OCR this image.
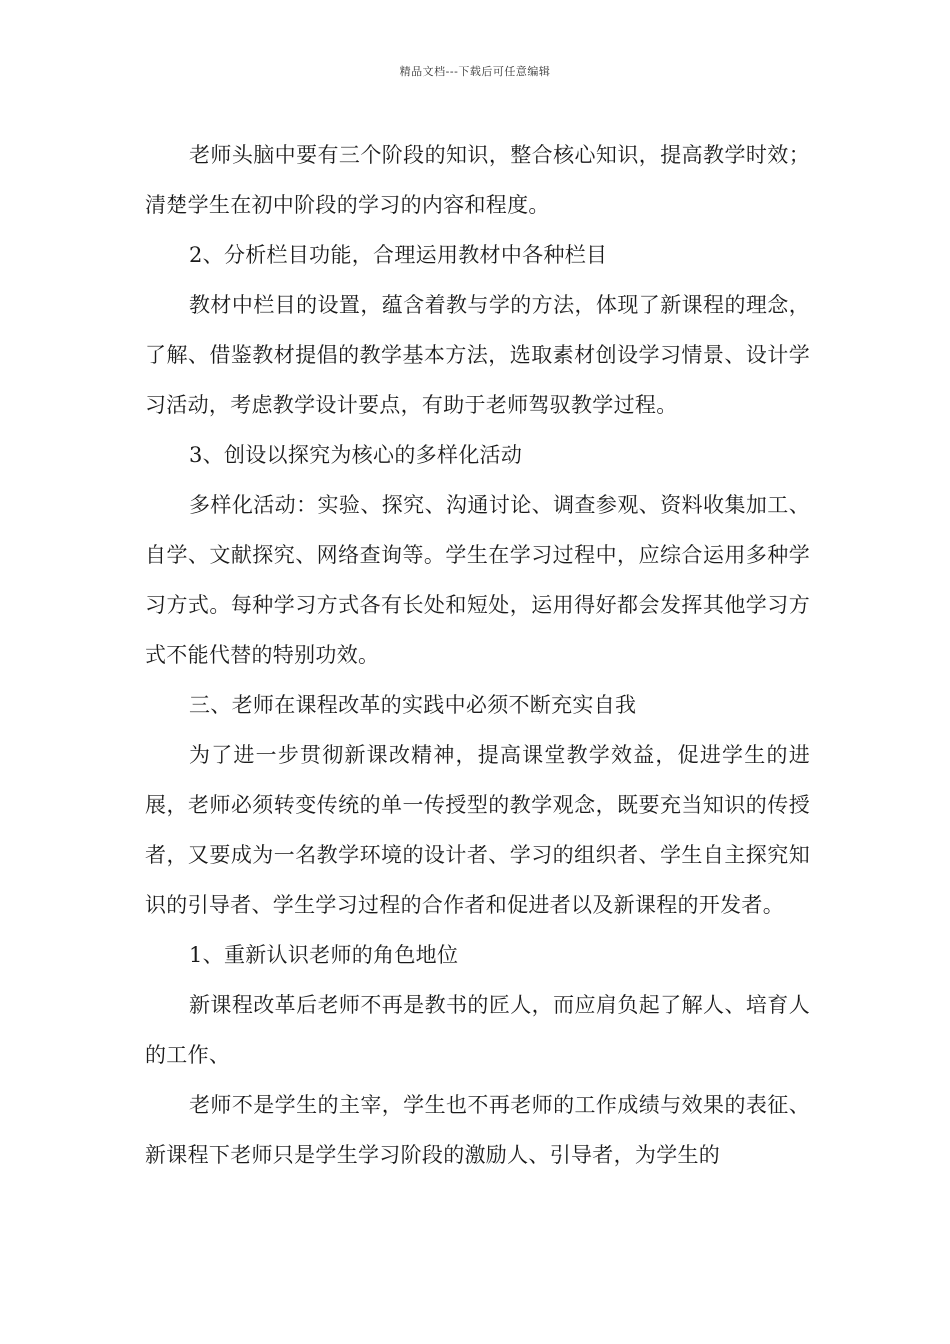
精品文档---下载后可任意编辑

老师头脑中要有三个阶段的知识，整合核心知识，提高教学时效；清楚学生在初中阶段的学习的内容和程度。

2、分析栏目功能，合理运用教材中各种栏目

教材中栏目的设置，蕴含着教与学的方法，体现了新课程的理念，了解、借鉴教材提倡的教学基本方法，选取素材创设学习情景、设计学习活动，考虑教学设计要点，有助于老师驾驭教学过程。

3、创设以探究为核心的多样化活动

多样化活动：实验、探究、沟通讨论、调查参观、资料收集加工、自学、文献探究、网络查询等。学生在学习过程中，应综合运用多种学习方式。每种学习方式各有长处和短处，运用得好都会发挥其他学习方式不能代替的特别功效。

三、老师在课程改革的实践中必须不断充实自我

为了进一步贯彻新课改精神，提高课堂教学效益，促进学生的进展，老师必须转变传统的单一传授型的教学观念，既要充当知识的传授者，又要成为一名教学环境的设计者、学习的组织者、学生自主探究知识的引导者、学生学习过程的合作者和促进者以及新课程的开发者。

1、重新认识老师的角色地位

新课程改革后老师不再是教书的匠人，而应肩负起了解人、培育人的工作、

老师不是学生的主宰，学生也不再老师的工作成绩与效果的表征、新课程下老师只是学生学习阶段的激励人、引导者，为学生的
